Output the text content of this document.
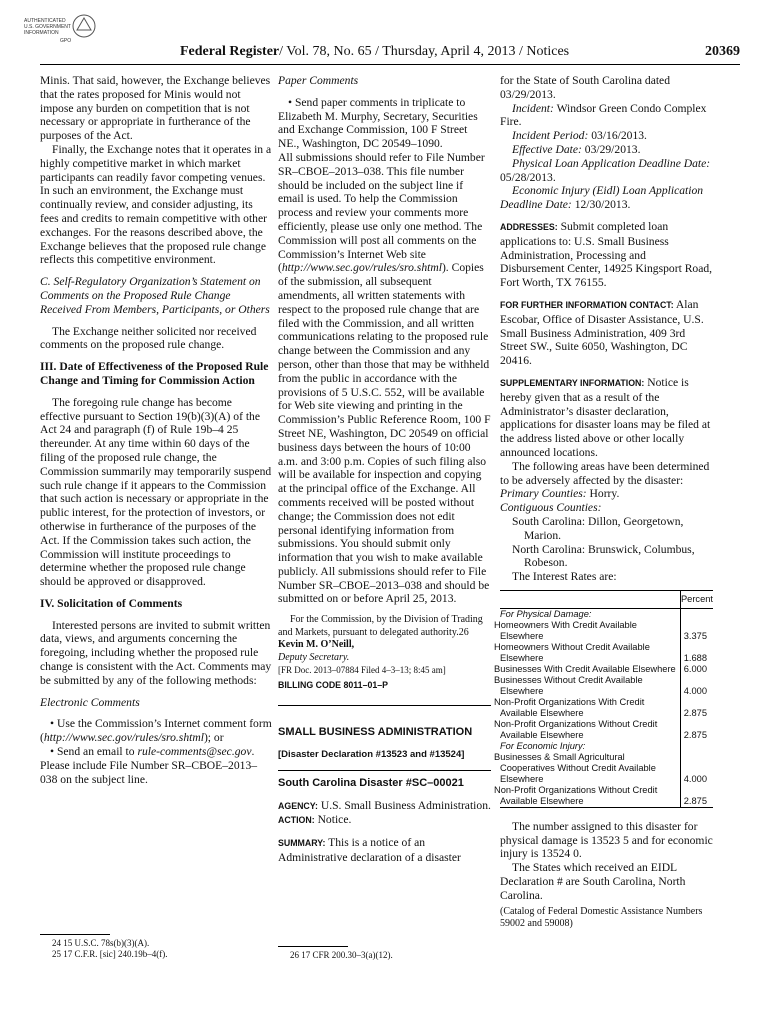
AUTHENTICATED
U.S. GOVERNMENT
INFORMATION
GPO
Federal Register/ Vol. 78, No. 65 / Thursday, April 4, 2013 / Notices	20369

Minis. That said, however, the Exchange believes that the rates proposed for Minis would not impose any burden on competition that is not necessary or appropriate in furtherance of the purposes of the Act.

Finally, the Exchange notes that it operates in a highly competitive market in which market participants can readily favor competing venues. In such an environment, the Exchange must continually review, and consider adjusting, its fees and credits to remain competitive with other exchanges. For the reasons described above, the Exchange believes that the proposed rule change reflects this competitive environment.

C. Self-Regulatory Organization’s Statement on Comments on the Proposed Rule Change Received From Members, Participants, or Others

The Exchange neither solicited nor received comments on the proposed rule change.

III. Date of Effectiveness of the Proposed Rule Change and Timing for Commission Action

The foregoing rule change has become effective pursuant to Section 19(b)(3)(A) of the Act 24 and paragraph (f) of Rule 19b–4 25 thereunder. At any time within 60 days of the filing of the proposed rule change, the Commission summarily may temporarily suspend such rule change if it appears to the Commission that such action is necessary or appropriate in the public interest, for the protection of investors, or otherwise in furtherance of the purposes of the Act. If the Commission takes such action, the Commission will institute proceedings to determine whether the proposed rule change should be approved or disapproved.

IV. Solicitation of Comments

Interested persons are invited to submit written data, views, and arguments concerning the foregoing, including whether the proposed rule change is consistent with the Act. Comments may be submitted by any of the following methods:

Electronic Comments

• Use the Commission’s Internet comment form (http://www.sec.gov/rules/sro.shtml); or

• Send an email to rule-comments@sec.gov. Please include File Number SR–CBOE–2013–038 on the subject line.

24 15 U.S.C. 78s(b)(3)(A).
25 17 C.F.R. [sic] 240.19b–4(f).

Paper Comments

• Send paper comments in triplicate to Elizabeth M. Murphy, Secretary, Securities and Exchange Commission, 100 F Street NE., Washington, DC 20549–1090.

All submissions should refer to File Number SR–CBOE–2013–038. This file number should be included on the subject line if email is used. To help the Commission process and review your comments more efficiently, please use only one method. The Commission will post all comments on the Commission’s Internet Web site (http://www.sec.gov/rules/sro.shtml). Copies of the submission, all subsequent amendments, all written statements with respect to the proposed rule change that are filed with the Commission, and all written communications relating to the proposed rule change between the Commission and any person, other than those that may be withheld from the public in accordance with the provisions of 5 U.S.C. 552, will be available for Web site viewing and printing in the Commission’s Public Reference Room, 100 F Street NE, Washington, DC 20549 on official business days between the hours of 10:00 a.m. and 3:00 p.m. Copies of such filing also will be available for inspection and copying at the principal office of the Exchange. All comments received will be posted without change; the Commission does not edit personal identifying information from submissions. You should submit only information that you wish to make available publicly. All submissions should refer to File Number SR–CBOE–2013–038 and should be submitted on or before April 25, 2013.

For the Commission, by the Division of Trading and Markets, pursuant to delegated authority.26

Kevin M. O’Neill,

Deputy Secretary.

[FR Doc. 2013–07884 Filed 4–3–13; 8:45 am]

BILLING CODE 8011–01–P

SMALL BUSINESS ADMINISTRATION

[Disaster Declaration #13523 and #13524]

South Carolina Disaster #SC–00021

AGENCY: U.S. Small Business Administration.

ACTION: Notice.

SUMMARY: This is a notice of an Administrative declaration of a disaster

26 17 CFR 200.30–3(a)(12).

for the State of South Carolina dated 03/29/2013.

Incident: Windsor Green Condo Complex Fire.

Incident Period: 03/16/2013.

Effective Date: 03/29/2013.

Physical Loan Application Deadline Date: 05/28/2013.

Economic Injury (Eidl) Loan Application Deadline Date: 12/30/2013.

ADDRESSES: Submit completed loan applications to: U.S. Small Business Administration, Processing and Disbursement Center, 14925 Kingsport Road, Fort Worth, TX 76155.

FOR FURTHER INFORMATION CONTACT: Alan Escobar, Office of Disaster Assistance, U.S. Small Business Administration, 409 3rd Street SW., Suite 6050, Washington, DC 20416.

SUPPLEMENTARY INFORMATION: Notice is hereby given that as a result of the Administrator’s disaster declaration, applications for disaster loans may be filed at the address listed above or other locally announced locations.

The following areas have been determined to be adversely affected by the disaster:

Primary Counties: Horry.

Contiguous Counties:

South Carolina: Dillon, Georgetown, Marion.

North Carolina: Brunswick, Columbus, Robeson.

The Interest Rates are:

	Percent
For Physical Damage:	
Homeowners With Credit Available Elsewhere	3.375
Homeowners Without Credit Available Elsewhere	1.688
Businesses With Credit Available Elsewhere	6.000
Businesses Without Credit Available Elsewhere	4.000
Non-Profit Organizations With Credit Available Elsewhere	2.875
Non-Profit Organizations Without Credit Available Elsewhere	2.875
For Economic Injury:	
Businesses & Small Agricultural Cooperatives Without Credit Available Elsewhere	4.000
Non-Profit Organizations Without Credit Available Elsewhere	2.875

The number assigned to this disaster for physical damage is 13523 5 and for economic injury is 13524 0.

The States which received an EIDL Declaration # are South Carolina, North Carolina.

(Catalog of Federal Domestic Assistance Numbers 59002 and 59008)
